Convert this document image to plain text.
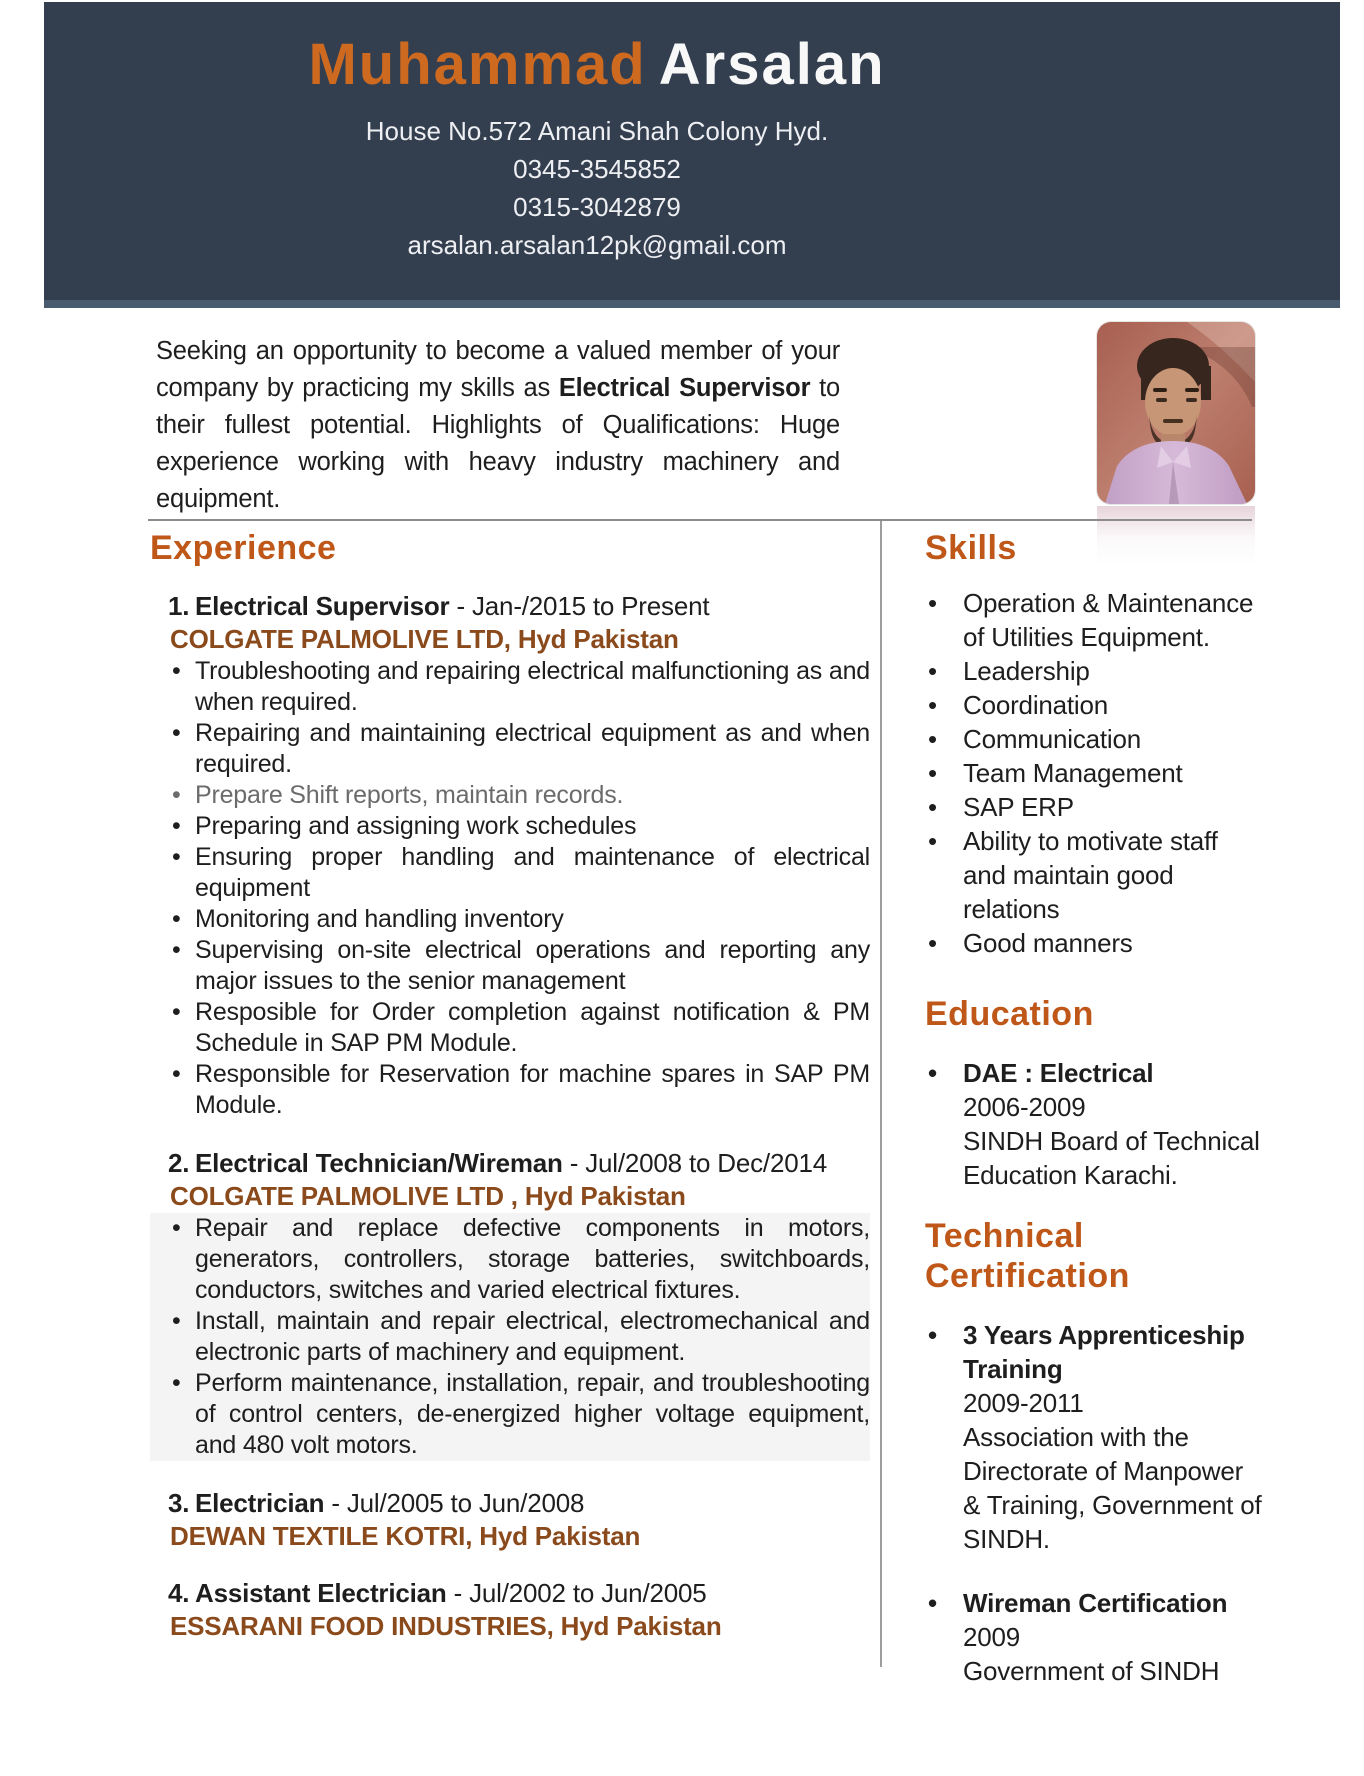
Muhammad Arsalan
House No.572 Amani Shah Colony Hyd.
0345-3545852
0315-3042879
arsalan.arsalan12pk@gmail.com
Seeking an opportunity to become a valued member of your company by practicing my skills as Electrical Supervisor to their fullest potential. Highlights of Qualifications: Huge experience working with heavy industry machinery and equipment.
Experience
1. Electrical Supervisor - Jan-/2015 to Present
COLGATE PALMOLIVE LTD, Hyd Pakistan
• Troubleshooting and repairing electrical malfunctioning as and when required.
• Repairing and maintaining electrical equipment as and when required.
• Prepare Shift reports, maintain records.
• Preparing and assigning work schedules
• Ensuring proper handling and maintenance of electrical equipment
• Monitoring and handling inventory
• Supervising on-site electrical operations and reporting any major issues to the senior management
• Resposible for Order completion against notification & PM Schedule in SAP PM Module.
• Responsible for Reservation for machine spares in SAP PM Module.
2. Electrical Technician/Wireman - Jul/2008 to Dec/2014
COLGATE PALMOLIVE LTD , Hyd Pakistan
• Repair and replace defective components in motors, generators, controllers, storage batteries, switchboards, conductors, switches and varied electrical fixtures.
• Install, maintain and repair electrical, electromechanical and electronic parts of machinery and equipment.
• Perform maintenance, installation, repair, and troubleshooting of control centers, de-energized higher voltage equipment, and 480 volt motors.
3. Electrician - Jul/2005 to Jun/2008
DEWAN TEXTILE KOTRI, Hyd Pakistan
4. Assistant Electrician - Jul/2002 to Jun/2005
ESSARANI FOOD INDUSTRIES, Hyd Pakistan
Skills
• Operation & Maintenance of Utilities Equipment.
• Leadership
• Coordination
• Communication
• Team Management
• SAP ERP
• Ability to motivate staff and maintain good relations
• Good manners
Education
• DAE : Electrical
2006-2009
SINDH Board of Technical Education Karachi.
Technical
Certification
• 3 Years Apprenticeship Training
2009-2011
Association with the Directorate of Manpower & Training, Government of SINDH.
• Wireman Certification
2009
Government of SINDH
